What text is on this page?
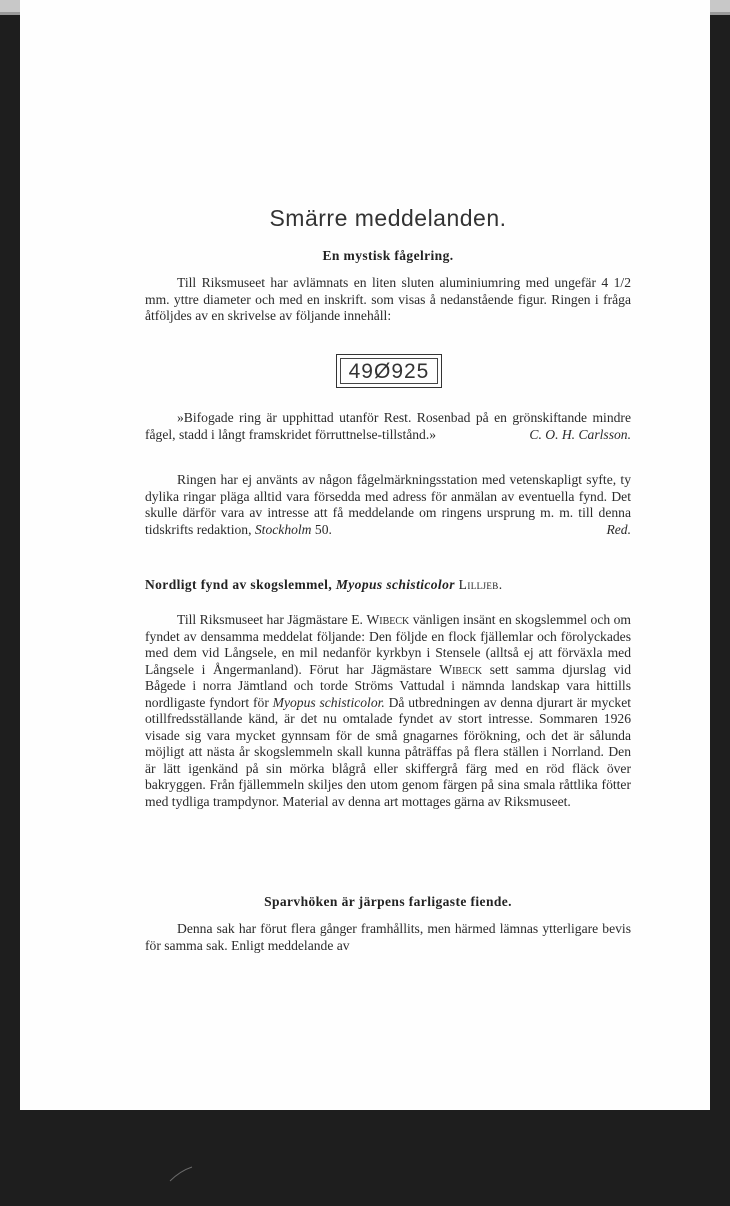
Smärre meddelanden.
En mystisk fågelring.
Till Riksmuseet har avlämnats en liten sluten aluminiumring med ungefär 4 1/2 mm. yttre diameter och med en inskrift. som visas å nedanstående figur. Ringen i fråga åtföljdes av en skrivelse av följande innehåll:
49Ø925
»Bifogade ring är upphittad utanför Rest. Rosenbad på en grönskiftande mindre fågel, stadd i långt framskridet förruttnelse-tillstånd.»	C. O. H. Carlsson.
Ringen har ej använts av någon fågelmärkningsstation med vetenskapligt syfte, ty dylika ringar pläga alltid vara försedda med adress för anmälan av eventuella fynd. Det skulle därför vara av intresse att få meddelande om ringens ursprung m. m. till denna tidskrifts redaktion, Stockholm 50.	Red.
Nordligt fynd av skogslemmel, Myopus schisticolor Lilljeb.
Till Riksmuseet har Jägmästare E. Wibeck vänligen insänt en skogslemmel och om fyndet av densamma meddelat följande: Den följde en flock fjällemlar och förolyckades med dem vid Långsele, en mil nedanför kyrkbyn i Stensele (alltså ej att förväxla med Långsele i Ångermanland). Förut har Jägmästare Wibeck sett samma djurslag vid Bågede i norra Jämtland och torde Ströms Vattudal i nämnda landskap vara hittills nordligaste fyndort för Myopus schisticolor. Då utbredningen av denna djurart är mycket otillfredsställande känd, är det nu omtalade fyndet av stort intresse. Sommaren 1926 visade sig vara mycket gynnsam för de små gnagarnes förökning, och det är sålunda möjligt att nästa år skogslemmeln skall kunna påträffas på flera ställen i Norrland. Den är lätt igenkänd på sin mörka blågrå eller skiffergrå färg med en röd fläck över bakryggen. Från fjällemmeln skiljes den utom genom färgen på sina smala råttlika fötter med tydliga trampdynor. Material av denna art mottages gärna av Riksmuseet.
Sparvhöken är järpens farligaste fiende.
Denna sak har förut flera gånger framhållits, men härmed lämnas ytterligare bevis för samma sak. Enligt meddelande av
